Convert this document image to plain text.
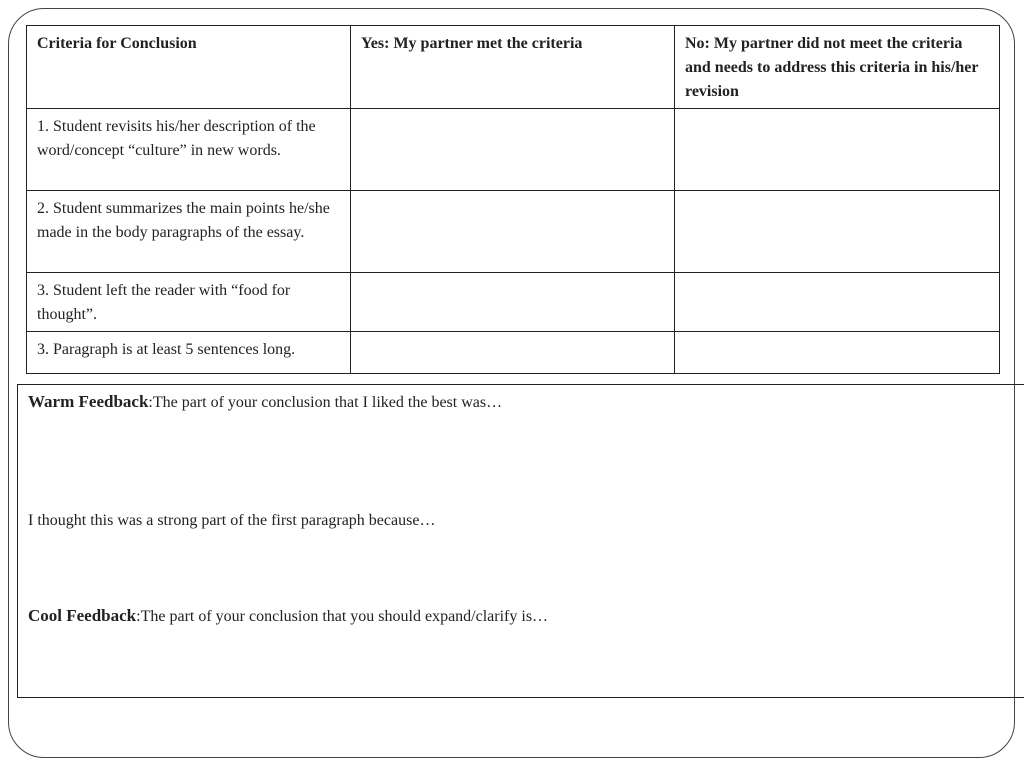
Criteria for Conclusion	Yes: My partner met the criteria	No: My partner did not meet the criteria and needs to address this criteria in his/her revision
1. Student revisits his/her description of the word/concept “culture” in new words.		
2. Student summarizes the main points he/she made in the body paragraphs of the essay.		
3. Student left the reader with “food for thought”.		
3. Paragraph is at least 5 sentences long.		
Warm Feedback:The part of your conclusion that I liked the best was…
I thought this was a strong part of the first paragraph because…
Cool Feedback:The part of your conclusion that you should expand/clarify is…
